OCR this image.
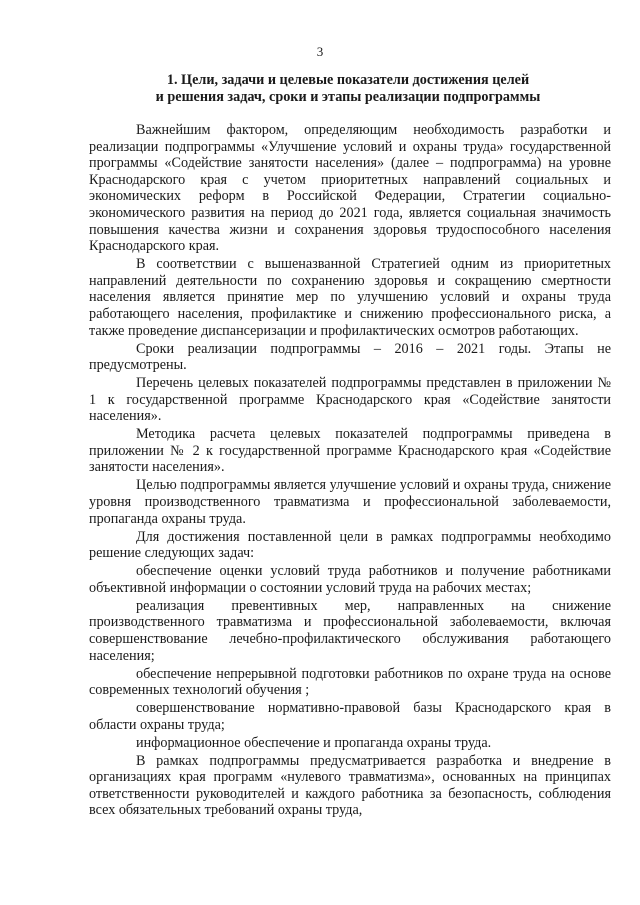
3
1. Цели, задачи и целевые показатели достижения целей
и решения задач, сроки и этапы реализации подпрограммы

Важнейшим фактором, определяющим необходимость разработки и реализации подпрограммы «Улучшение условий и охраны труда» государственной программы «Содействие занятости населения» (далее – подпрограмма) на уровне Краснодарского края с учетом приоритетных направлений социальных и экономических реформ в Российской Федерации, Стратегии социально-экономического развития на период до 2021 года, является социальная значимость повышения качества жизни и сохранения здоровья трудоспособного населения Краснодарского края.

В соответствии с вышеназванной Стратегией одним из приоритетных направлений деятельности по сохранению здоровья и сокращению смертности населения является принятие мер по улучшению условий и охраны труда работающего населения, профилактике и снижению профессионального риска, а также проведение диспансеризации и профилактических осмотров работающих.

Сроки реализации подпрограммы – 2016 – 2021 годы. Этапы не предусмотрены.

Перечень целевых показателей подпрограммы представлен в приложении № 1 к государственной программе Краснодарского края «Содействие занятости населения».

Методика расчета целевых показателей подпрограммы приведена в приложении № 2 к государственной программе Краснодарского края «Содействие занятости населения».

Целью подпрограммы является улучшение условий и охраны труда, снижение уровня производственного травматизма и профессиональной заболеваемости, пропаганда охраны труда.

Для достижения поставленной цели в рамках подпрограммы необходимо решение следующих задач:

обеспечение оценки условий труда работников и получение работниками объективной информации о состоянии условий труда на рабочих местах;

реализация превентивных мер, направленных на снижение производственного травматизма и профессиональной заболеваемости, включая совершенствование лечебно-профилактического обслуживания работающего населения;

обеспечение непрерывной подготовки работников по охране труда на основе современных технологий обучения ;

совершенствование нормативно-правовой базы Краснодарского края в области охраны труда;

информационное обеспечение и пропаганда охраны труда.

В рамках подпрограммы предусматривается разработка и внедрение в организациях края программ «нулевого травматизма», основанных на принципах ответственности руководителей и каждого работника за безопасность, соблюдения всех обязательных требований охраны труда,
